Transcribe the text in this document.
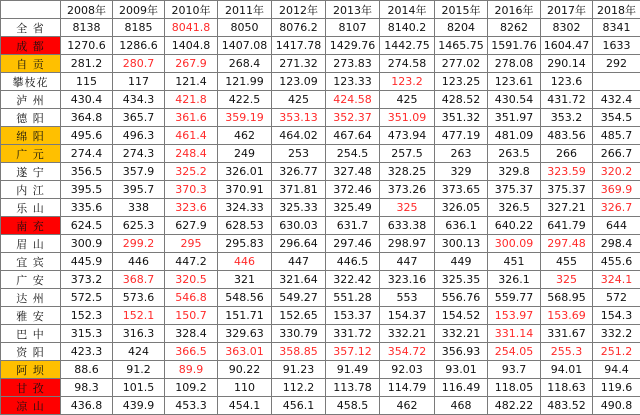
	2008年	2009年	2010年	2011年	2012年	2013年	2014年	2015年	2016年	2017年	2018年
全 省	8138	8185	8041.8	8050	8076.2	8107	8140.2	8204	8262	8302	8341
成 都	1270.6	1286.6	1404.8	1407.08	1417.78	1429.76	1442.75	1465.75	1591.76	1604.47	1633
自 贡	281.2	280.7	267.9	268.4	271.32	273.83	274.58	277.02	278.08	290.14	292
攀枝花	115	117	121.4	121.99	123.09	123.33	123.2	123.25	123.61	123.6	
泸 州	430.4	434.3	421.8	422.5	425	424.58	425	428.52	430.54	431.72	432.4
德 阳	364.8	365.7	361.6	359.19	353.13	352.37	351.09	351.32	351.97	353.2	354.5
绵 阳	495.6	496.3	461.4	462	464.02	467.64	473.94	477.19	481.09	483.56	485.7
广 元	274.4	274.3	248.4	249	253	254.5	257.5	263	263.5	266	266.7
遂 宁	356.5	357.9	325.2	326.01	326.77	327.48	328.25	329	329.8	323.59	320.2
内 江	395.5	395.7	370.3	370.91	371.81	372.46	373.26	373.65	375.37	375.37	369.9
乐 山	335.6	338	323.6	324.33	325.33	325.49	325	326.05	326.5	327.21	326.7
南 充	624.5	625.3	627.9	628.53	630.03	631.7	633.38	636.1	640.22	641.79	644
眉 山	300.9	299.2	295	295.83	296.64	297.46	298.97	300.13	300.09	297.48	298.4
宜 宾	445.9	446	447.2	446	447	446.5	447	449	451	455	455.6
广 安	373.2	368.7	320.5	321	321.64	322.42	323.16	325.35	326.1	325	324.1
达 州	572.5	573.6	546.8	548.56	549.27	551.28	553	556.76	559.77	568.95	572
雅 安	152.3	152.1	150.7	151.71	152.65	153.37	154.37	154.52	153.97	153.69	154.3
巴 中	315.3	316.3	328.4	329.63	330.79	331.72	332.21	332.21	331.14	331.67	332.2
资 阳	423.3	424	366.5	363.01	358.85	357.12	354.72	356.93	254.05	255.3	251.2
阿 坝	88.6	91.2	89.9	90.22	91.23	91.49	92.03	93.01	93.7	94.01	94.4
甘 孜	98.3	101.5	109.2	110	112.2	113.78	114.79	116.49	118.05	118.63	119.6
凉 山	436.8	439.9	453.3	454.1	456.1	458.5	462	468	482.22	483.52	490.8
